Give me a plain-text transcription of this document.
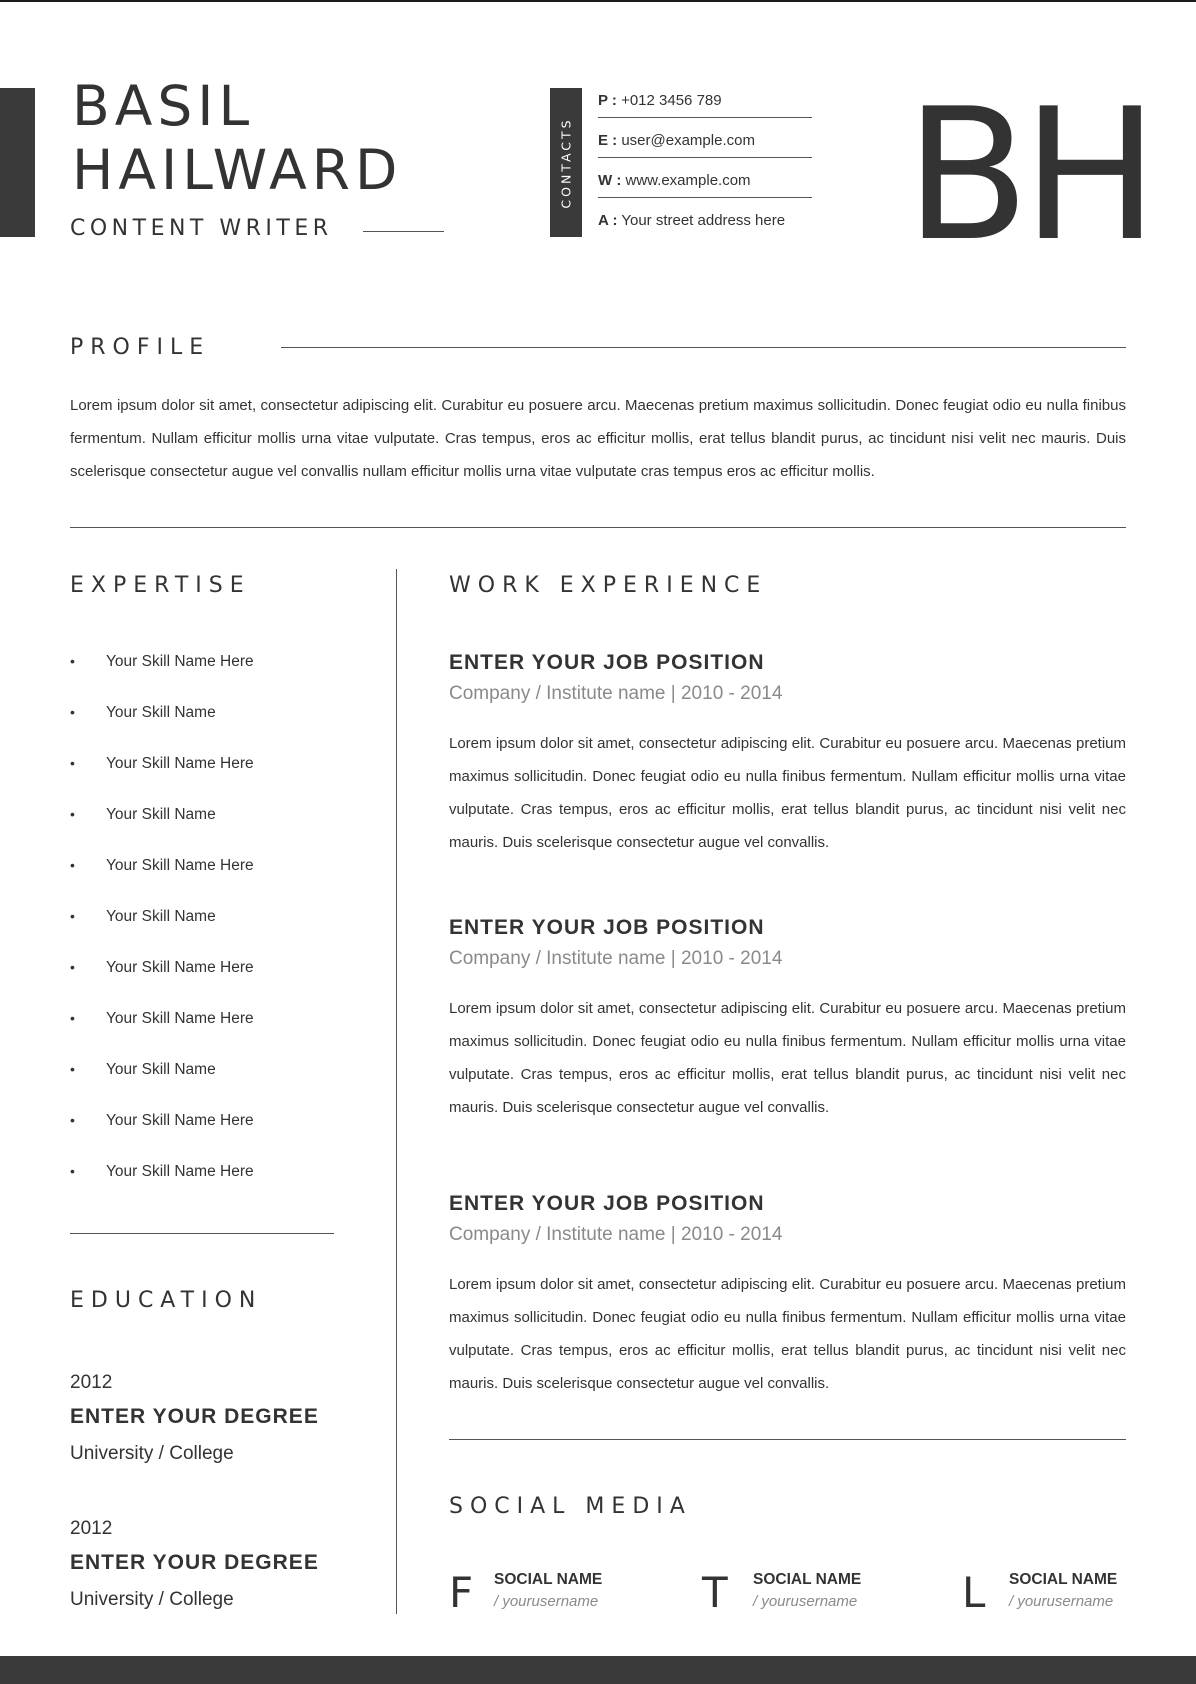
BASIL
HAILWARD
CONTENT WRITER
CONTACTS
P : +012 3456 789
E : user@example.com
W : www.example.com
A : Your street address here BH
PROFILE
Lorem ipsum dolor sit amet, consectetur adipiscing elit. Curabitur eu posuere arcu. Maecenas pretium maximus sollicitudin. Donec feugiat odio eu nulla finibus fermentum. Nullam efficitur mollis urna vitae vulputate. Cras tempus, eros ac efficitur mollis, erat tellus blandit purus, ac tincidunt nisi velit nec mauris. Duis scelerisque consectetur augue vel convallis nullam efficitur mollis urna vitae vulputate cras tempus eros ac efficitur mollis.
EXPERTISE
• Your Skill Name Here
• Your Skill Name
• Your Skill Name Here
• Your Skill Name
• Your Skill Name Here
• Your Skill Name
• Your Skill Name Here
• Your Skill Name Here
• Your Skill Name
• Your Skill Name Here
• Your Skill Name Here
EDUCATION
2012
ENTER YOUR DEGREE
University / College
2012
ENTER YOUR DEGREE
University / College
WORK EXPERIENCE
ENTER YOUR JOB POSITION
Company / Institute name | 2010 - 2014
Lorem ipsum dolor sit amet, consectetur adipiscing elit. Curabitur eu posuere arcu. Maecenas pretium maximus sollicitudin. Donec feugiat odio eu nulla finibus fermentum. Nullam efficitur mollis urna vitae vulputate. Cras tempus, eros ac efficitur mollis, erat tellus blandit purus, ac tincidunt nisi velit nec mauris. Duis scelerisque consectetur augue vel convallis.
ENTER YOUR JOB POSITION
Company / Institute name | 2010 - 2014
Lorem ipsum dolor sit amet, consectetur adipiscing elit. Curabitur eu posuere arcu. Maecenas pretium maximus sollicitudin. Donec feugiat odio eu nulla finibus fermentum. Nullam efficitur mollis urna vitae vulputate. Cras tempus, eros ac efficitur mollis, erat tellus blandit purus, ac tincidunt nisi velit nec mauris. Duis scelerisque consectetur augue vel convallis.
ENTER YOUR JOB POSITION
Company / Institute name | 2010 - 2014
Lorem ipsum dolor sit amet, consectetur adipiscing elit. Curabitur eu posuere arcu. Maecenas pretium maximus sollicitudin. Donec feugiat odio eu nulla finibus fermentum. Nullam efficitur mollis urna vitae vulputate. Cras tempus, eros ac efficitur mollis, erat tellus blandit purus, ac tincidunt nisi velit nec mauris. Duis scelerisque consectetur augue vel convallis.
SOCIAL MEDIA
F SOCIAL NAME
/ yourusername T SOCIAL NAME
/ yourusername L SOCIAL NAME
/ yourusername
